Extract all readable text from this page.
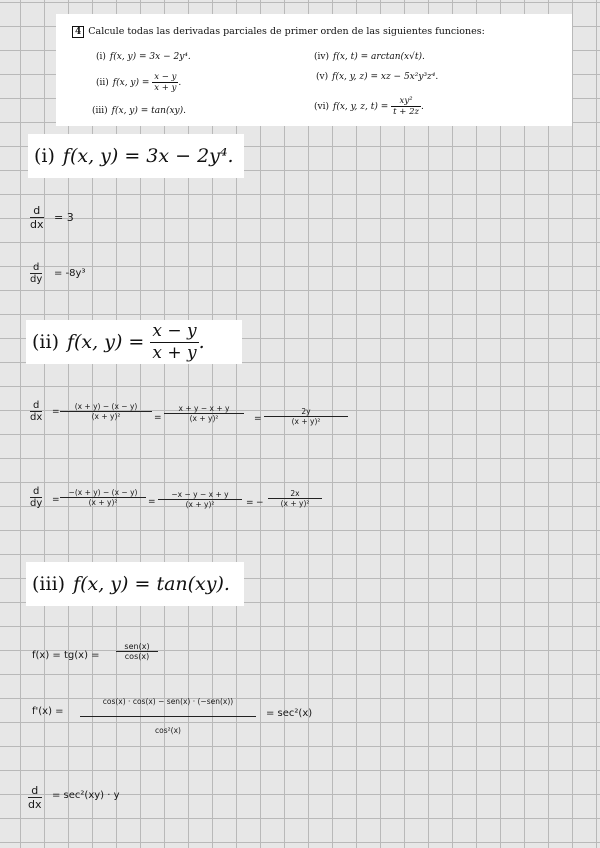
4 Calcule todas las derivadas parciales de primer orden de las siguientes funciones:
(i) f(x, y) = 3x − 2y⁴.
(ii) f(x, $y) = \frac{x - y}{x + y}$ .
(iii) f(x, y) = tan(xy).
(iv) f(x, t) = arctan(x√t).
(v) f(x, y, z) = xz − 5x²y³z⁴.
(vi) f(x, y, z, $t) = \frac{\text{xy²}}{t + 2z}$ .
(i) f(x, y) = 3x − 2y⁴.
$\frac{d}{dx} = 3$
$\frac{d}{dy} = -8y^3$
(ii) f(x, y) =
$\frac{x - y}{x + y}$ .
$\frac{d}{dx} = \frac{(x + y) - (x - y)}{\text{(x + y)²}} = \frac{x + y - x + y}{\text{(x + y)²}} = \frac{2y}{\text{(x + y)²}}$
$\frac{d}{dy} = \frac{-(x + y) - (x - y)}{\text{(x + y)²}} = \frac{-x - y - x + y}{\text{(x + y)²}}$ = − $\frac{2x}{\text{(x + y)²}}$
(iii) f(x, y) = tan(xy).
f(x) = tg(x) =
sen(x)
cos(x)
f'(x) =
cos(x) · cos(x) − sen(x) · (−sen(x))
cos²(x)
= sec²(x)
$\frac{d}{dx} = \sec^2(xy) \cdot y$
